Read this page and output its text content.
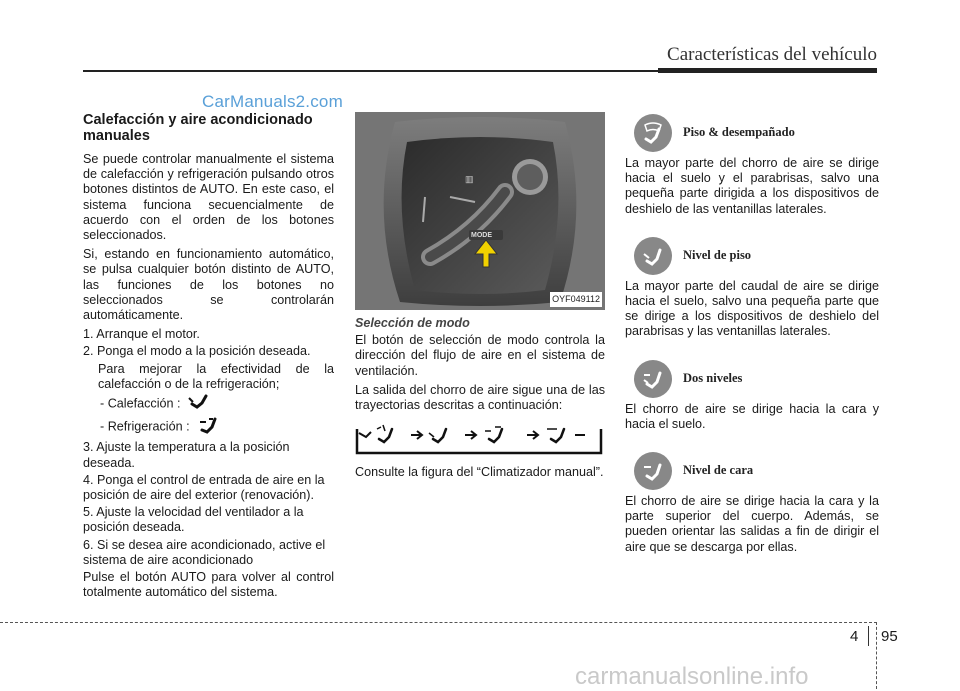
Características del vehículo
CarManuals2.com
Calefacción y aire acondicionado manuales

Se puede controlar manualmente el sistema de calefacción y refrigeración pulsando otros botones distintos de AUTO. En este caso, el sistema funciona secuencialmente de acuerdo con el orden de los botones seleccionados.

Si, estando en funcionamiento automático, se pulsa cualquier botón distinto de AUTO, las funciones de los botones no seleccionados se controlarán automáticamente.

1. Arranque el motor.
2. Ponga el modo a la posición deseada.
Para mejorar la efectividad de la calefacción o de la refrigeración;
- Calefacción :
- Refrigeración :
3. Ajuste la temperatura a la posición deseada.
4. Ponga el control de entrada de aire en la posición de aire del exterior (renovación).
5. Ajuste la velocidad del ventilador a la posición deseada.
6. Si se desea aire acondicionado, active el sistema de aire acondicionado

Pulse el botón AUTO para volver al control totalmente automático del sistema.

▥
MODE
OYF049112
Selección de modo

El botón de selección de modo controla la dirección del flujo de aire en el sistema de ventilación.

La salida del chorro de aire sigue una de las trayectorias descritas a continuación:

Consulte la figura del “Climatizador manual”.

Piso & desempañado

La mayor parte del chorro de aire se dirige hacia el suelo y el parabrisas, salvo una pequeña parte dirigida a los dispositivos de deshielo de las ventanillas laterales.

Nivel de piso

La mayor parte del caudal de aire se dirige hacia el suelo, salvo una pequeña parte que se dirige a los dispositivos de deshielo del parabrisas y las ventanillas laterales.

Dos niveles

El chorro de aire se dirige hacia la cara y hacia el suelo.

Nivel de cara

El chorro de aire se dirige hacia la cara y la parte superior del cuerpo. Además, se pueden orientar las salidas a fin de dirigir el aire que se descarga por ellas.

4 95
carmanualsonline.info
